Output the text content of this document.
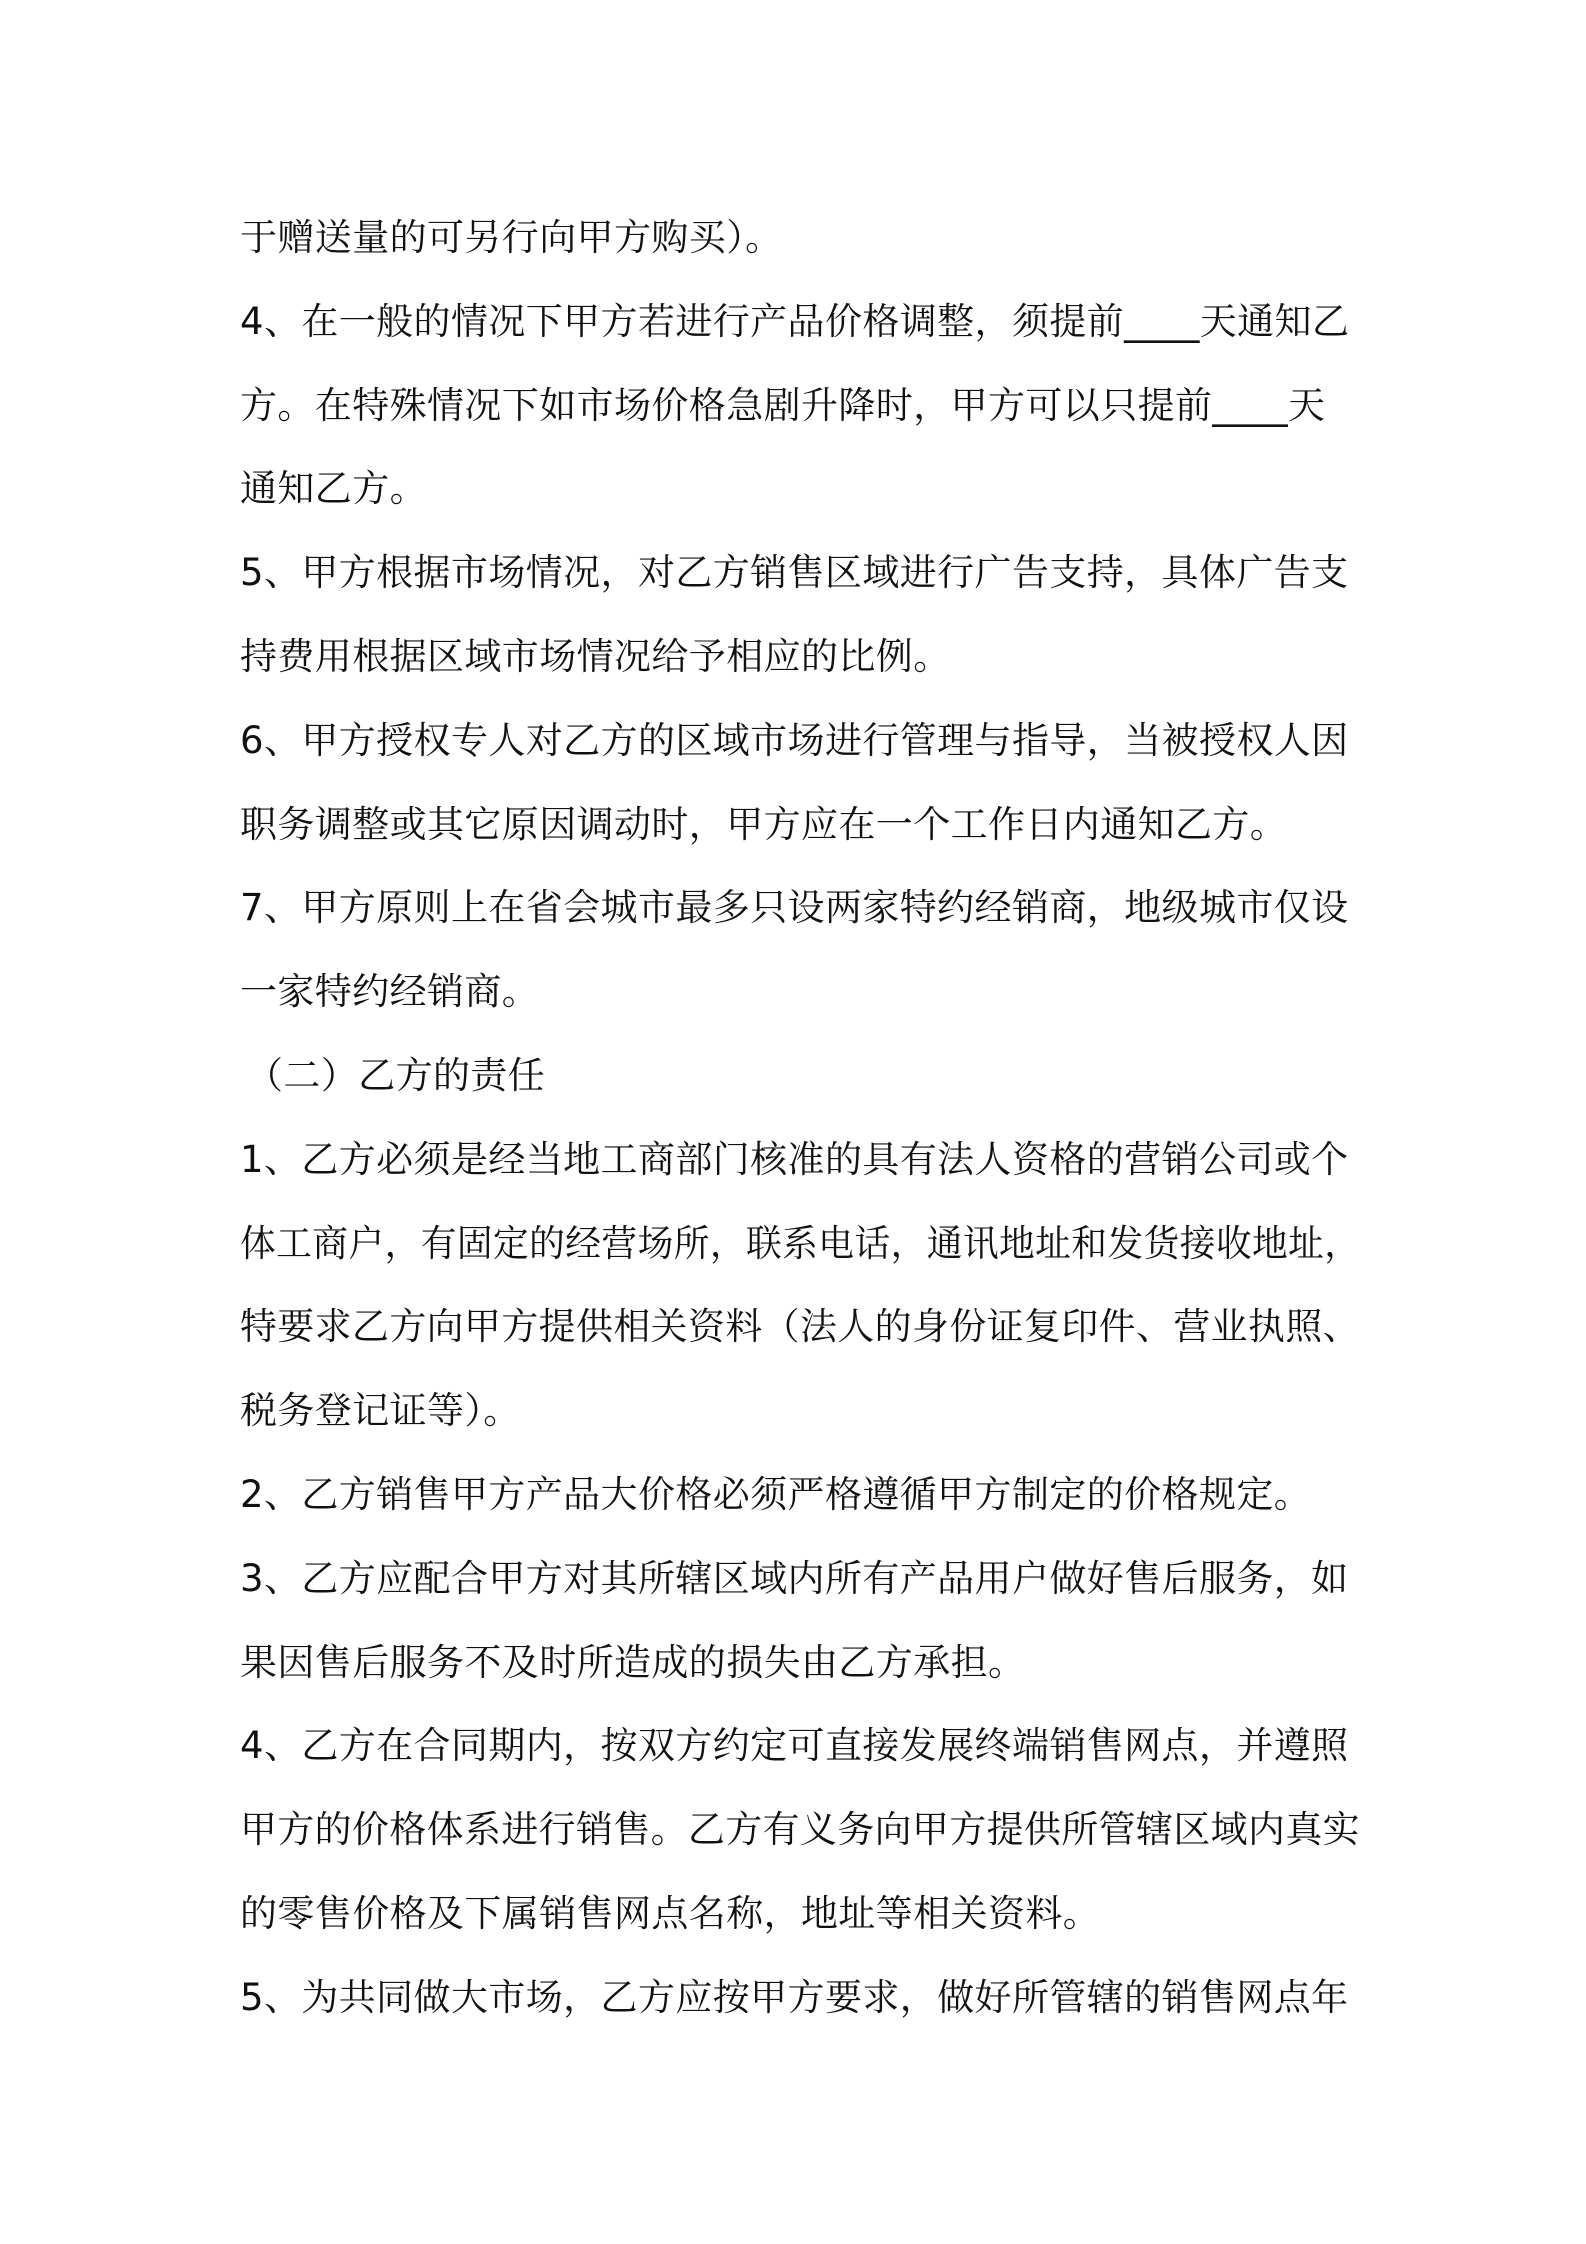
于赠送量的可另行向甲方购买）。
4、在一般的情况下甲方若进行产品价格调整，须提前____天通知乙
方。在特殊情况下如市场价格急剧升降时，甲方可以只提前____天
通知乙方。
5、甲方根据市场情况，对乙方销售区域进行广告支持，具体广告支
持费用根据区域市场情况给予相应的比例。
6、甲方授权专人对乙方的区域市场进行管理与指导，当被授权人因
职务调整或其它原因调动时，甲方应在一个工作日内通知乙方。
7、甲方原则上在省会城市最多只设两家特约经销商，地级城市仅设
一家特约经销商。
（二）乙方的责任
1、乙方必须是经当地工商部门核准的具有法人资格的营销公司或个
体工商户，有固定的经营场所，联系电话，通讯地址和发货接收地址，
特要求乙方向甲方提供相关资料（法人的身份证复印件、营业执照、
税务登记证等）。
2、乙方销售甲方产品大价格必须严格遵循甲方制定的价格规定。
3、乙方应配合甲方对其所辖区域内所有产品用户做好售后服务，如
果因售后服务不及时所造成的损失由乙方承担。
4、乙方在合同期内，按双方约定可直接发展终端销售网点，并遵照
甲方的价格体系进行销售。乙方有义务向甲方提供所管辖区域内真实
的零售价格及下属销售网点名称，地址等相关资料。
5、为共同做大市场，乙方应按甲方要求，做好所管辖的销售网点年
